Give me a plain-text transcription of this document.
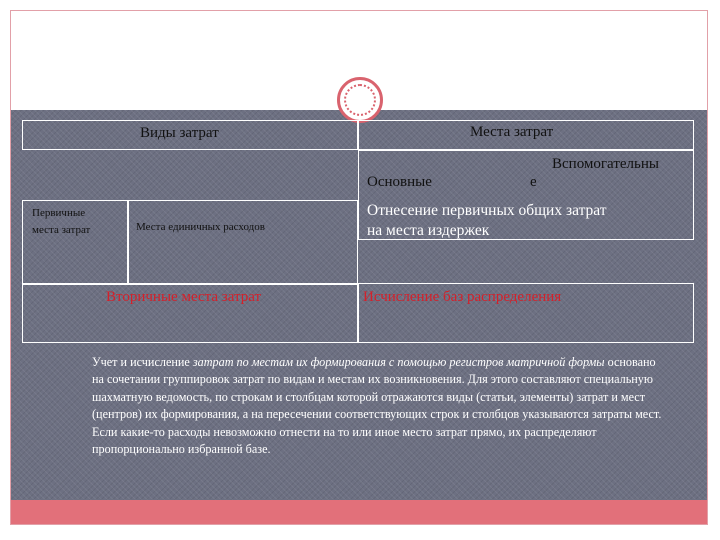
Виды затрат	Места затрат
Основные
Вспомогательны
е
Первичные
места затрат	Места единичных расходов
Отнесение первичных общих затрат
на места издержек
Вторичные места затрат	Исчисление баз распределения
Учет и исчисление затрат по местам их формирования с помощью регистров матричной формы основано на сочетании группировок затрат по видам и местам их возникновения. Для этого составляют специальную шахматную ведомость, по строкам и столбцам которой отражаются виды (статьи, элементы) затрат и мест (центров) их формирования, а на пересечении соответствующих строк и столбцов указываются затраты мест. Если какие-то расходы невозможно отнести на то или иное место затрат прямо, их распределяют пропорционально избранной базе.
